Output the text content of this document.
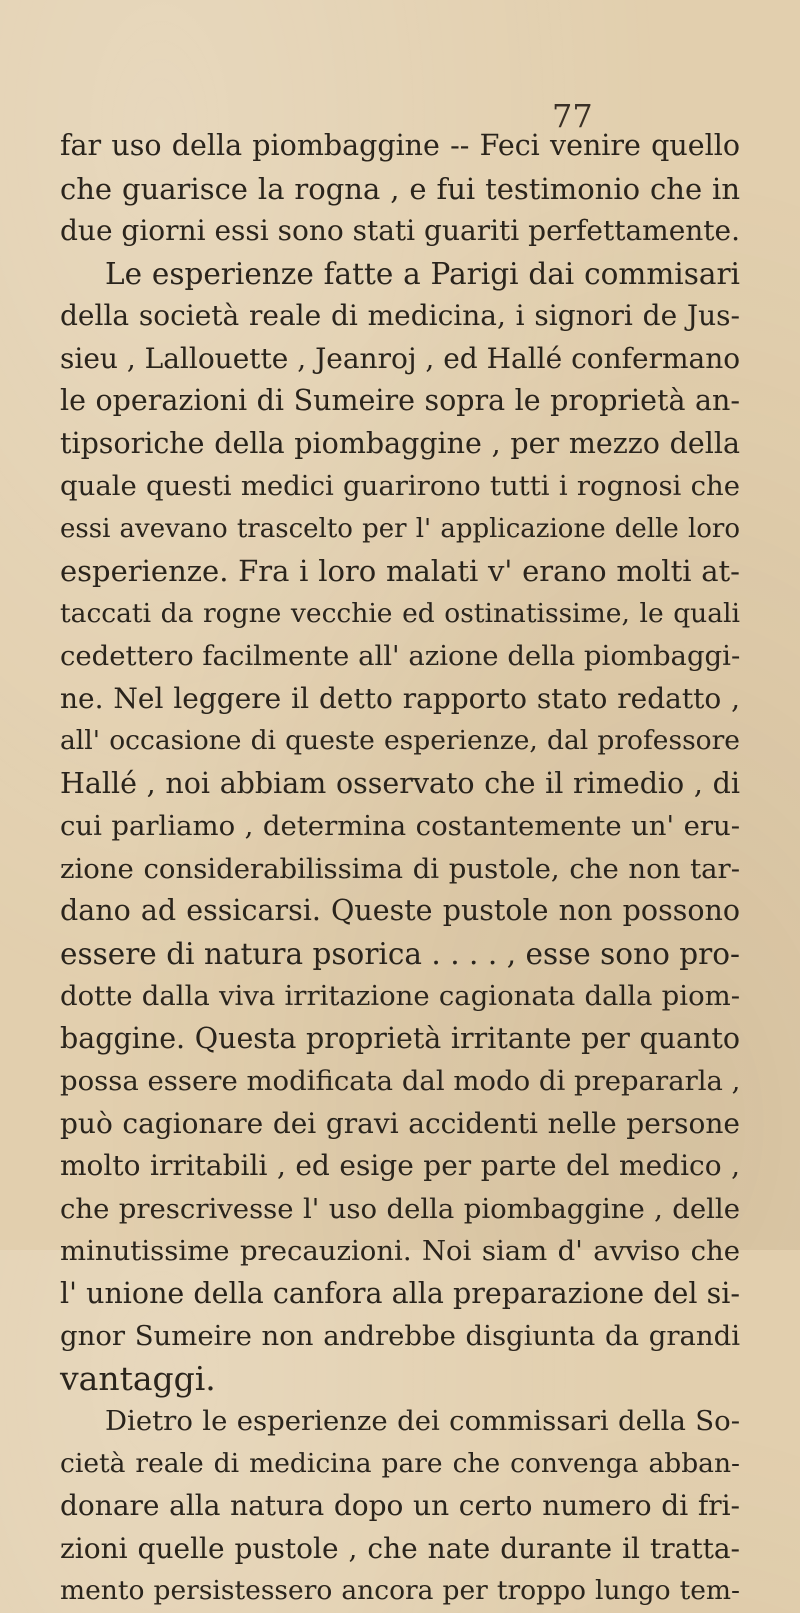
77
far uso della piombaggine -- Feci venire quello
che guarisce la rogna , e fui testimonio che in
due giorni essi sono stati guariti perfettamente.
Le esperienze fatte a Parigi dai commisari
della società reale di medicina, i signori de Jus-
sieu , Lallouette , Jeanroj , ed Hallé confermano
le operazioni di Sumeire sopra le proprietà an-
tipsoriche della piombaggine , per mezzo della
quale questi medici guarirono tutti i rognosi che
essi avevano trascelto per l' applicazione delle loro
esperienze. Fra i loro malati v' erano molti at-
taccati da rogne vecchie ed ostinatissime, le quali
cedettero facilmente all' azione della piombaggi-
ne. Nel leggere il detto rapporto stato redatto ,
all' occasione di queste esperienze, dal professore
Hallé , noi abbiam osservato che il rimedio , di
cui parliamo , determina costantemente un' eru-
zione considerabilissima di pustole, che non tar-
dano ad essicarsi. Queste pustole non possono
essere di natura psorica . . . . , esse sono pro-
dotte dalla viva irritazione cagionata dalla piom-
baggine. Questa proprietà irritante per quanto
possa essere modificata dal modo di prepararla ,
può cagionare dei gravi accidenti nelle persone
molto irritabili , ed esige per parte del medico ,
che prescrivesse l' uso della piombaggine , delle
minutissime precauzioni. Noi siam d' avviso che
l' unione della canfora alla preparazione del si-
gnor Sumeire non andrebbe disgiunta da grandi
vantaggi.
Dietro le esperienze dei commissari della So-
cietà reale di medicina pare che convenga abban-
donare alla natura dopo un certo numero di fri-
zioni quelle pustole , che nate durante il tratta-
mento persistessero ancora per troppo lungo tem-
